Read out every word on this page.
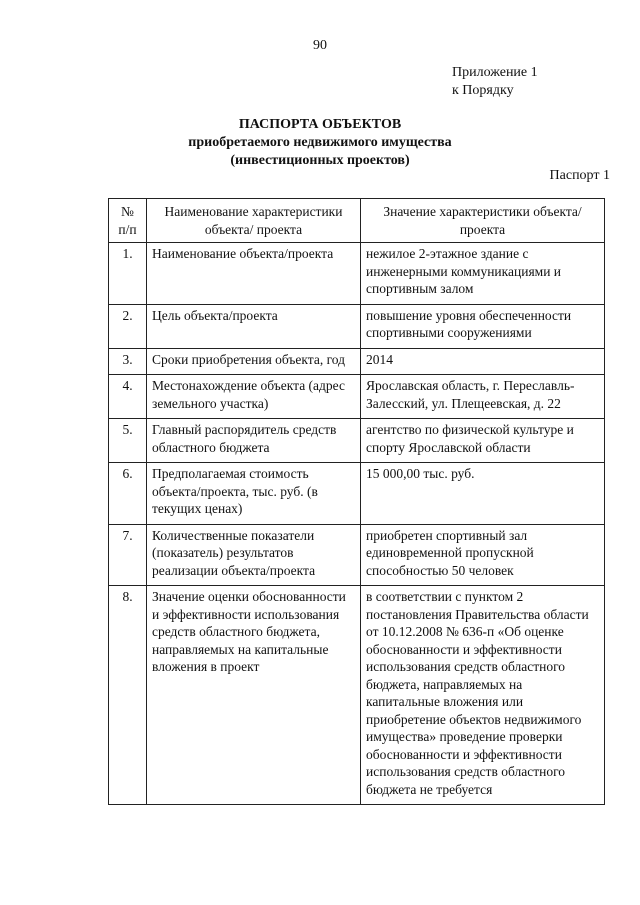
90
Приложение 1
к Порядку
ПАСПОРТА ОБЪЕКТОВ
приобретаемого недвижимого имущества
(инвестиционных проектов)
Паспорт 1
№
п/п	Наименование характеристики объекта/ проекта	Значение характеристики объекта/ проекта
1.	Наименование объекта/проекта	нежилое 2-этажное здание с инженерными коммуникациями и спортивным залом
2.	Цель объекта/проекта	повышение уровня обеспеченности спортивными сооружениями
3.	Сроки приобретения объекта, год	2014
4.	Местонахождение объекта (адрес земельного участка)	Ярославская область, г. Переславль-Залесский, ул. Плещеевская, д. 22
5.	Главный распорядитель средств областного бюджета	агентство по физической культуре и спорту Ярославской области
6.	Предполагаемая стоимость объекта/проекта, тыс. руб. (в текущих ценах)	15 000,00 тыс. руб.
7.	Количественные показатели (показатель) результатов реализации объекта/проекта	приобретен спортивный зал единовременной пропускной способностью 50 человек
8.	Значение оценки обоснованности и эффективности использования средств областного бюджета, направляемых на капитальные вложения в проект	в соответствии с пунктом 2 постановления Правительства области от 10.12.2008 № 636-п «Об оценке обоснованности и эффективности использования средств областного бюджета, направляемых на капитальные вложения или приобретение объектов недвижимого имущества» проведение проверки обоснованности и эффективности использования средств областного бюджета не требуется
